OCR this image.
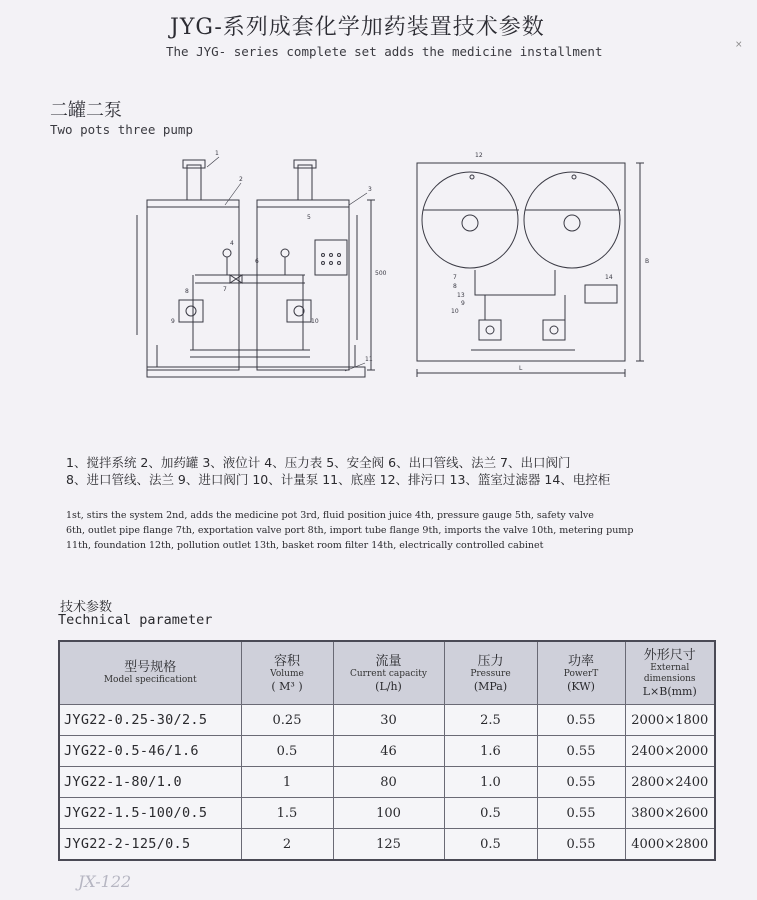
JYG-系列成套化学加药装置技术参数
The JYG- series complete set adds the medicine installment	×
二罐二泵
Two pots three pump
1
2
3
4
5
6
7
8
9	10
11
500
12
13
14
7
8
9
10
B
L
1、搅拌系统 2、加药罐 3、液位计 4、压力表 5、安全阀 6、出口管线、法兰 7、出口阀门
8、进口管线、法兰 9、进口阀门 10、计量泵 11、底座 12、排污口 13、篮室过滤器 14、电控柜
1st, stirs the system 2nd, adds the medicine pot 3rd, fluid position juice 4th, pressure gauge 5th, safety valve
6th, outlet pipe flange 7th, exportation valve port 8th, import tube flange 9th, imports the valve 10th, metering pump
11th, foundation 12th, pollution outlet 13th, basket room filter 14th, electrically controlled cabinet
技术参数
Technical parameter
型号规格
Model specificationt	容积
Volume
( M³ )	流量
Current capacity
(L/h)	压力
Pressure
(MPa)	功率
PowerT
(KW)	外形尺寸
External dimensions
L×B(mm)

JYG22-0.25-30/2.5	0.25	30	2.5	0.55	2000×1800
JYG22-0.5-46/1.6	0.5	46	1.6	0.55	2400×2000
JYG22-1-80/1.0	1	80	1.0	0.55	2800×2400
JYG22-1.5-100/0.5	1.5	100	0.5	0.55	3800×2600
JYG22-2-125/0.5	2	125	0.5	0.55	4000×2800
JX-122
